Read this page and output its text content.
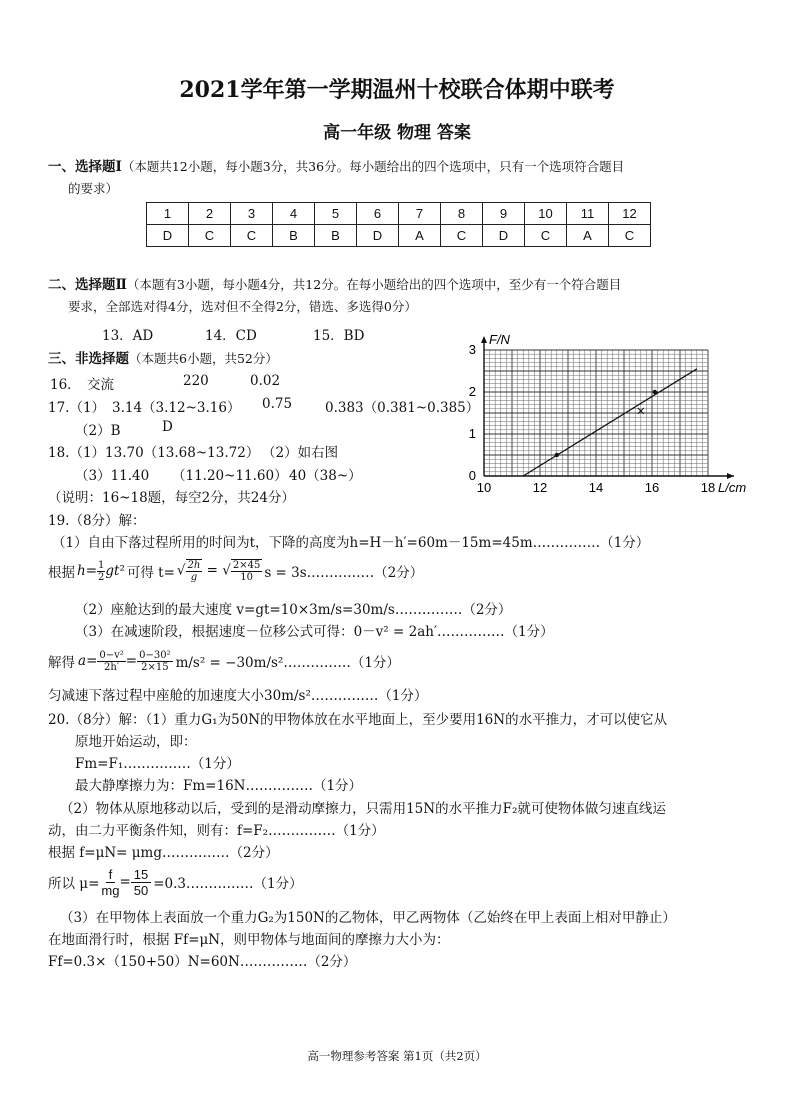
2021学年第一学期温州十校联合体期中联考
高一年级 物理 答案
一、选择题Ⅰ（本题共12小题，每小题3分，共36分。每小题给出的四个选项中，只有一个选项符合题目
的要求）
1	2	3	4	5	6	7	8	9	10	11	12
D	C	C	B	B	D	A	C	D	C	A	C
二、选择题Ⅱ（本题有3小题，每小题4分，共12分。在每小题给出的四个选项中，至少有一个符合题目
要求，全部选对得4分，选对但不全得2分，错选、多选得0分）
13．AD	14．CD	15．BD
三、非选择题（本题共6小题，共52分）
16． 交流	220	0.02
17.（1） 3.14（3.12~3.16） 0.75 0.383（0.381~0.385）
（2）B	D
18.（1）13.70（13.68~13.72） （2）如右图
（3）11.40 （11.20~11.60） 40（38~）
（说明：16~18题，每空2分，共24分）
10	12	14	16	18
0
1
2
3
L/cm
F/N
19.（8分）解：
（1）自由下落过程所用的时间为t，下降的高度为h=H－h′=60m－15m=45m……………（1分）
根据 $h= \frac{1}{2} gt^2$ 可得 t= √ $\frac{2h}{g}$ = √ $\frac{2\times 45}{10}$ s = 3s……………（2分）
（2）座舱达到的最大速度 v=gt=10×3m/s=30m/s……………（2分）
（3）在减速阶段，根据速度－位移公式可得：0－v² = 2ah′……………（1分）
解得 $a= \frac{\text{0−v²}}{2h'} = \frac{\text{0−30²}}{2\times 15} m/s^2$ = −30m/s²……………（1分）
匀减速下落过程中座舱的加速度大小30m/s²……………（1分）
20.（8分）解：（1）重力G₁为50N的甲物体放在水平地面上，至少要用16N的水平推力，才可以使它从
原地开始运动，即：
Fm=F₁……………（1分）
最大静摩擦力为：Fm=16N……………（1分）
（2）物体从原地移动以后，受到的是滑动摩擦力，只需用15N的水平推力F₂就可使物体做匀速直线运
动，由二力平衡条件知，则有：f=F₂……………（1分）
根据 f=μN= μmg……………（2分）
所以 $\mu= \frac{f}{mg} = \frac{15}{50}$ =0.3……………（1分）
（3）在甲物体上表面放一个重力G₂为150N的乙物体，甲乙两物体（乙始终在甲上表面上相对甲静止）
在地面滑行时，根据 Ff=μN，则甲物体与地面间的摩擦力大小为：
Ff=0.3×（150+50）N=60N……………（2分）
高一物理参考答案 第1页（共2页）
